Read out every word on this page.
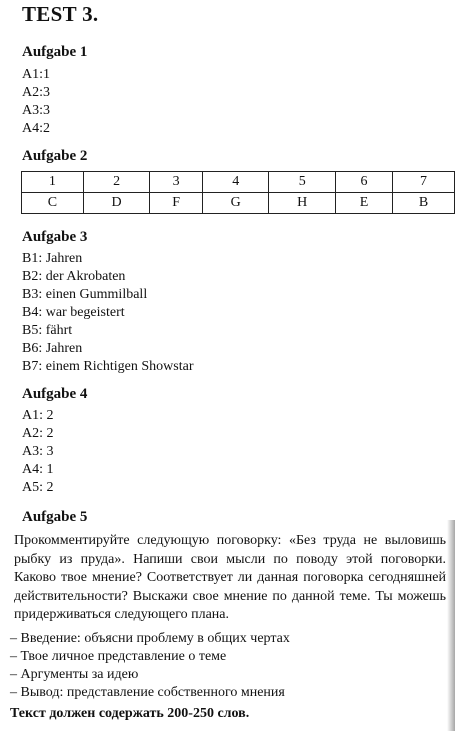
TEST 3.
Aufgabe 1
A1:1
A2:3
A3:3
A4:2
Aufgabe 2
1	2	3	4	5	6	7
C	D	F	G	H	E	B
Aufgabe 3
B1: Jahren
B2: der Akrobaten
B3: einen Gummilball
B4: war begeistert
B5: fährt
B6: Jahren
B7: einem Richtigen Showstar
Aufgabe 4
A1: 2
A2: 2
A3: 3
A4: 1
A5: 2
Aufgabe 5
Прокомментируйте следующую поговорку: «Без труда не выловишь рыбку из пруда». Напиши свои мысли по поводу этой поговорки. Каково твое мнение? Соответствует ли данная поговорка сегодняшней действительности? Выскажи свое мнение по данной теме. Ты можешь придерживаться следующего плана.
– Введение: объясни проблему в общих чертах
– Твое личное представление о теме
– Аргументы за идею
– Вывод: представление собственного мнения
Текст должен содержать 200-250 слов.
